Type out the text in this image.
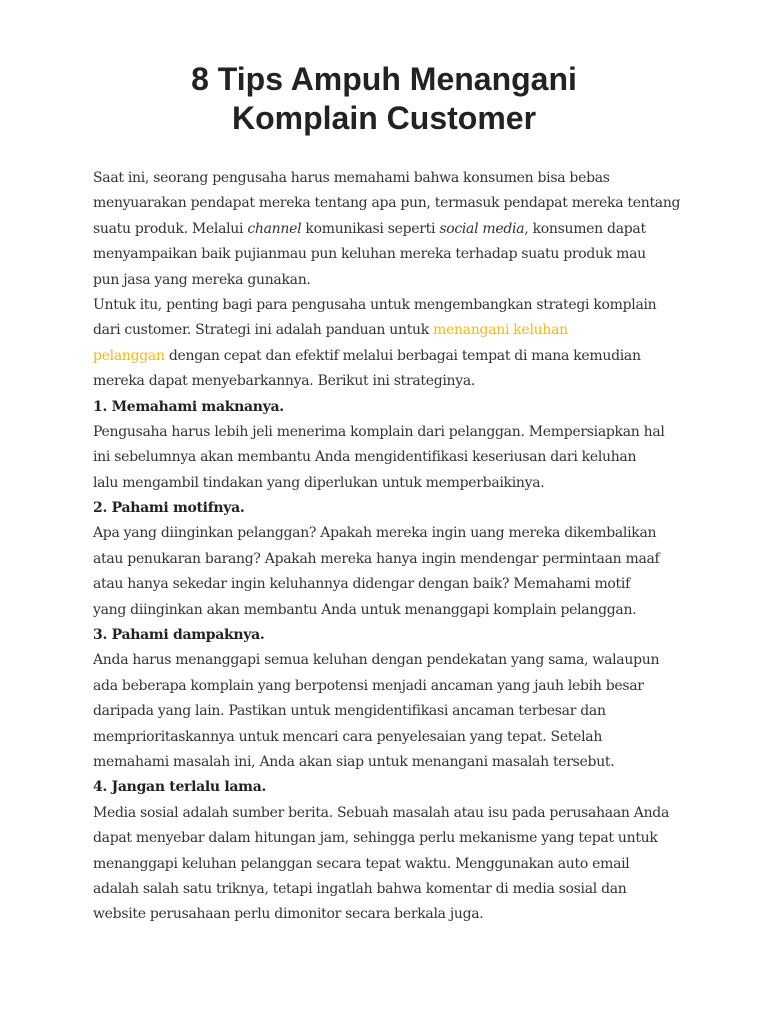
8 Tips Ampuh Menangani
Komplain Customer
Saat ini, seorang pengusaha harus memahami bahwa konsumen bisa bebas
menyuarakan pendapat mereka tentang apa pun, termasuk pendapat mereka tentang
suatu produk. Melalui channel komunikasi seperti social media, konsumen dapat
menyampaikan baik pujianmau pun keluhan mereka terhadap suatu produk mau
pun jasa yang mereka gunakan.
Untuk itu, penting bagi para pengusaha untuk mengembangkan strategi komplain
dari customer. Strategi ini adalah panduan untuk menangani keluhan
pelanggan dengan cepat dan efektif melalui berbagai tempat di mana kemudian
mereka dapat menyebarkannya. Berikut ini strateginya.
1. Memahami maknanya.
Pengusaha harus lebih jeli menerima komplain dari pelanggan. Mempersiapkan hal
ini sebelumnya akan membantu Anda mengidentifikasi keseriusan dari keluhan
lalu mengambil tindakan yang diperlukan untuk memperbaikinya.
2. Pahami motifnya.
Apa yang diinginkan pelanggan? Apakah mereka ingin uang mereka dikembalikan
atau penukaran barang? Apakah mereka hanya ingin mendengar permintaan maaf
atau hanya sekedar ingin keluhannya didengar dengan baik? Memahami motif
yang diinginkan akan membantu Anda untuk menanggapi komplain pelanggan.
3. Pahami dampaknya.
Anda harus menanggapi semua keluhan dengan pendekatan yang sama, walaupun
ada beberapa komplain yang berpotensi menjadi ancaman yang jauh lebih besar
daripada yang lain. Pastikan untuk mengidentifikasi ancaman terbesar dan
memprioritaskannya untuk mencari cara penyelesaian yang tepat. Setelah
memahami masalah ini, Anda akan siap untuk menangani masalah tersebut.
4. Jangan terlalu lama.
Media sosial adalah sumber berita. Sebuah masalah atau isu pada perusahaan Anda
dapat menyebar dalam hitungan jam, sehingga perlu mekanisme yang tepat untuk
menanggapi keluhan pelanggan secara tepat waktu. Menggunakan auto email
adalah salah satu triknya, tetapi ingatlah bahwa komentar di media sosial dan
website perusahaan perlu dimonitor secara berkala juga.
